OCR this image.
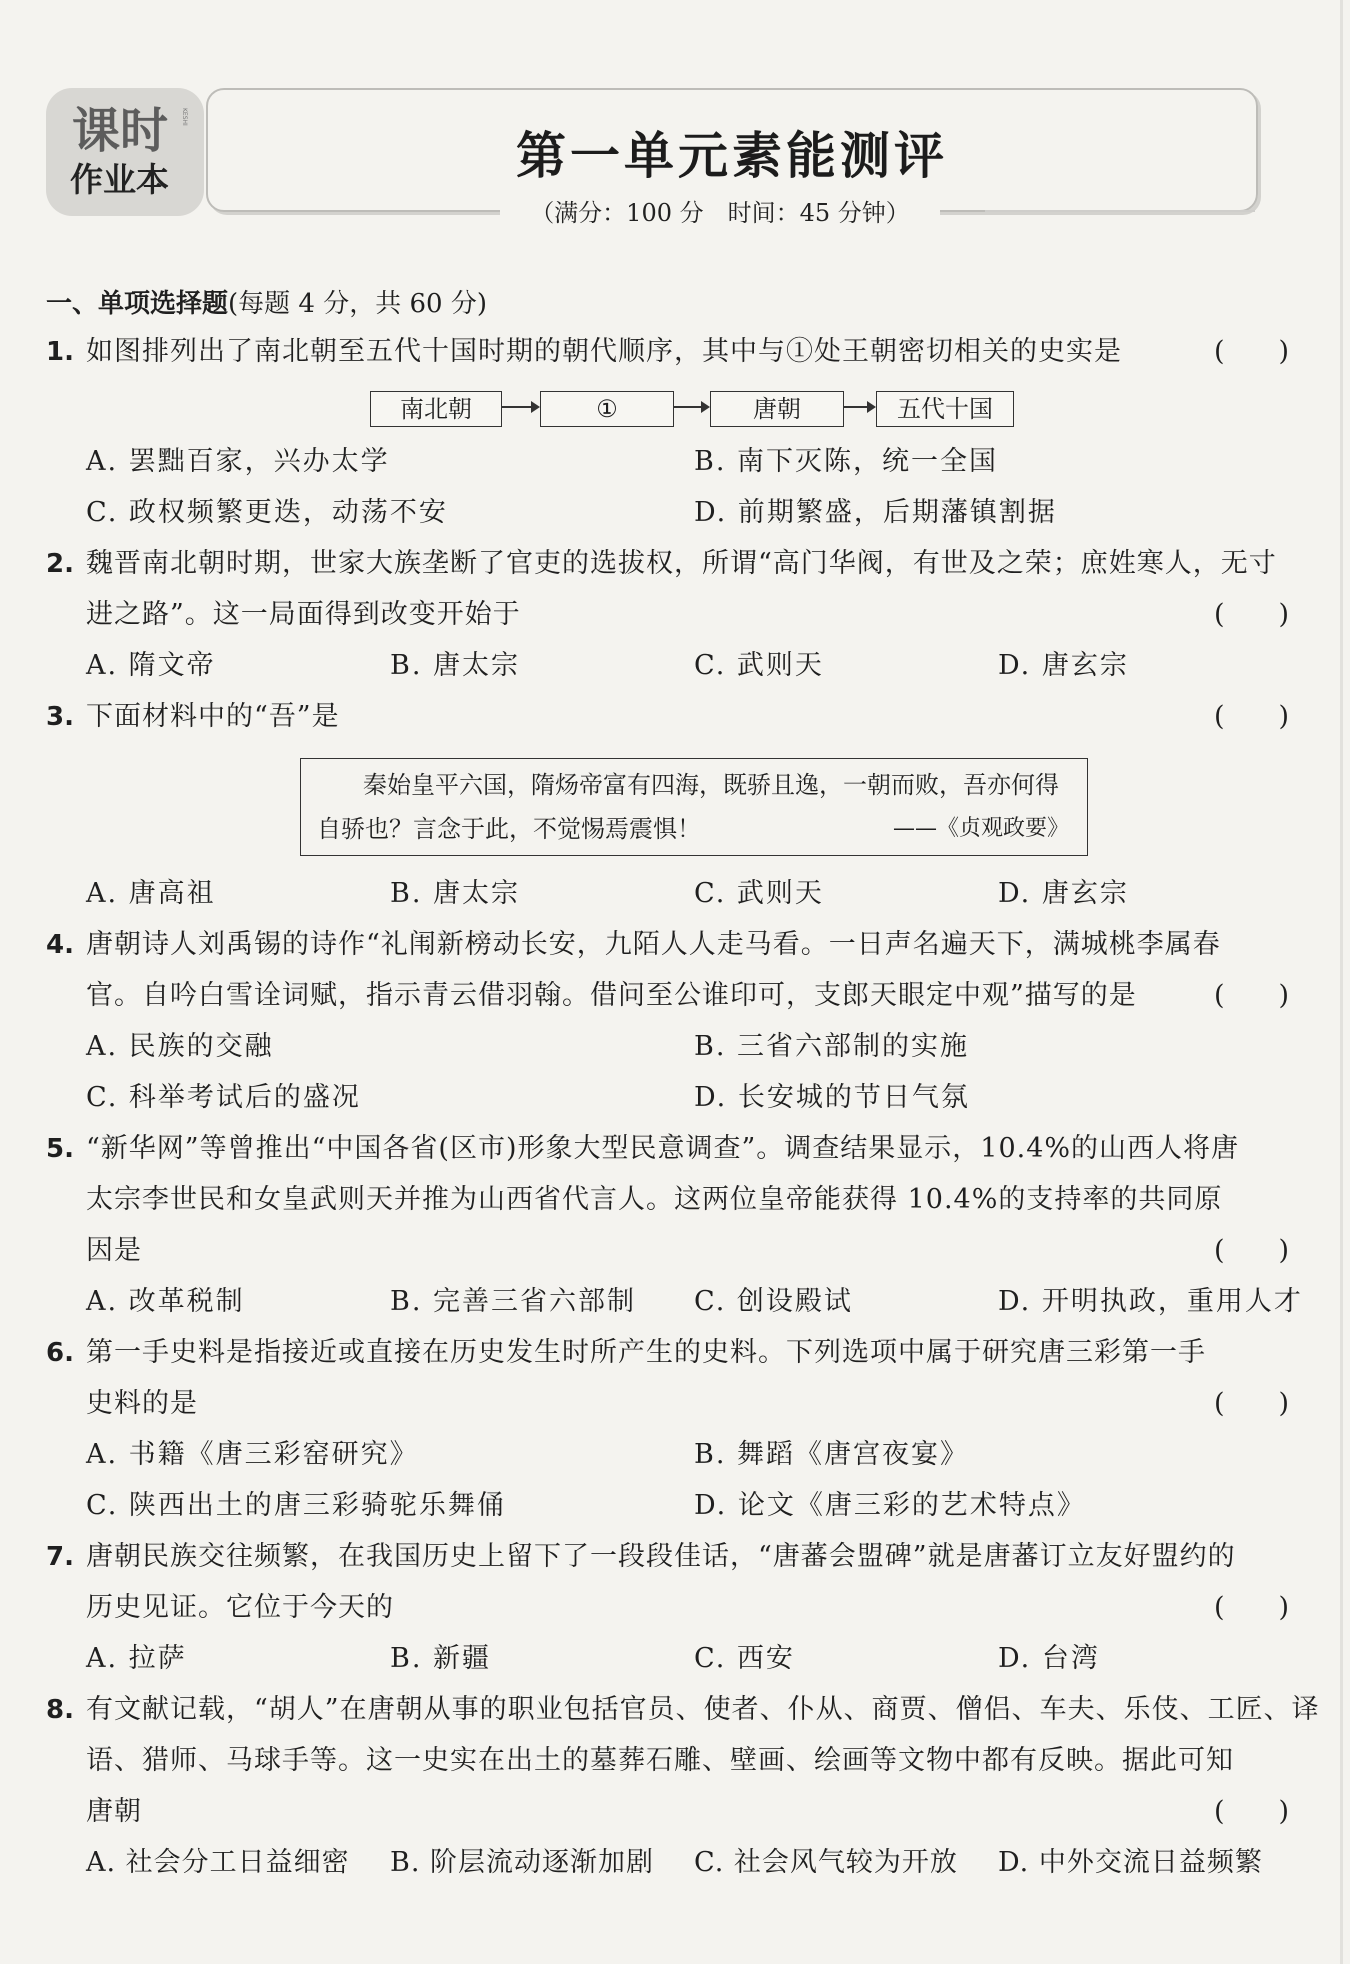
课时 KESHI
作业本	第一单元素能测评
（满分：100 分　时间：45 分钟）
一、单项选择题(每题 4 分，共 60 分)
1. 如图排列出了南北朝至五代十国时期的朝代顺序，其中与①处王朝密切相关的史实是	(　　)
南北朝	①	唐朝	五代十国
A. 罢黜百家，兴办太学	B. 南下灭陈，统一全国
C. 政权频繁更迭，动荡不安	D. 前期繁盛，后期藩镇割据
2. 魏晋南北朝时期，世家大族垄断了官吏的选拔权，所谓“高门华阀，有世及之荣；庶姓寒人，无寸
进之路”。这一局面得到改变开始于	(　　)
A. 隋文帝	B. 唐太宗	C. 武则天	D. 唐玄宗
3. 下面材料中的“吾”是	(　　)
秦始皇平六国，隋炀帝富有四海，既骄且逸，一朝而败，吾亦何得
自骄也？言念于此，不觉惕焉震惧！	——《贞观政要》
A. 唐高祖	B. 唐太宗	C. 武则天	D. 唐玄宗
4. 唐朝诗人刘禹锡的诗作“礼闱新榜动长安，九陌人人走马看。一日声名遍天下，满城桃李属春
官。自吟白雪诠词赋，指示青云借羽翰。借问至公谁印可，支郎天眼定中观”描写的是	(　　)
A. 民族的交融	B. 三省六部制的实施
C. 科举考试后的盛况	D. 长安城的节日气氛
5. “新华网”等曾推出“中国各省(区市)形象大型民意调查”。调查结果显示，10.4%的山西人将唐
太宗李世民和女皇武则天并推为山西省代言人。这两位皇帝能获得 10.4%的支持率的共同原
因是	(　　)
A. 改革税制	B. 完善三省六部制 C. 创设殿试	D. 开明执政，重用人才
6. 第一手史料是指接近或直接在历史发生时所产生的史料。下列选项中属于研究唐三彩第一手
史料的是	(　　)
A. 书籍《唐三彩窑研究》	B. 舞蹈《唐宫夜宴》
C. 陕西出土的唐三彩骑驼乐舞俑	D. 论文《唐三彩的艺术特点》
7. 唐朝民族交往频繁，在我国历史上留下了一段段佳话，“唐蕃会盟碑”就是唐蕃订立友好盟约的
历史见证。它位于今天的	(　　)
A. 拉萨	B. 新疆	C. 西安	D. 台湾
8. 有文献记载，“胡人”在唐朝从事的职业包括官员、使者、仆从、商贾、僧侣、车夫、乐伎、工匠、译
语、猎师、马球手等。这一史实在出土的墓葬石雕、壁画、绘画等文物中都有反映。据此可知
唐朝	(　　)
A. 社会分工日益细密 B. 阶层流动逐渐加剧 C. 社会风气较为开放 D. 中外交流日益频繁
